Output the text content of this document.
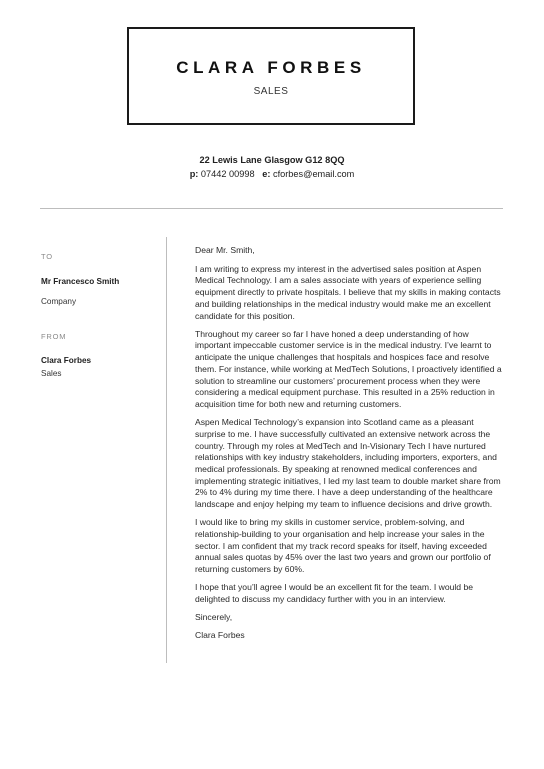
CLARA FORBES
SALES
22 Lewis Lane Glasgow G12 8QQ
p: 07442 00998 e: cforbes@email.com
TO
Mr Francesco Smith
Company
FROM
Clara Forbes
Sales

Dear Mr. Smith,

I am writing to express my interest in the advertised sales position at Aspen Medical Technology. I am a sales associate with years of experience selling equipment directly to private hospitals. I believe that my skills in making contacts and building relationships in the medical industry would make me an excellent candidate for this position.

Throughout my career so far I have honed a deep understanding of how important impeccable customer service is in the medical industry. I’ve learnt to anticipate the unique challenges that hospitals and hospices face and resolve them. For instance, while working at MedTech Solutions, I proactively identified a solution to streamline our customers’ procurement process when they were considering a medical equipment purchase. This resulted in a 25% reduction in acquisition time for both new and returning customers.

Aspen Medical Technology’s expansion into Scotland came as a pleasant surprise to me. I have successfully cultivated an extensive network across the country. Through my roles at MedTech and In-Visionary Tech I have nurtured relationships with key industry stakeholders, including importers, exporters, and medical professionals. By speaking at renowned medical conferences and implementing strategic initiatives, I led my last team to double market share from 2% to 4% during my time there. I have a deep understanding of the healthcare landscape and enjoy helping my team to influence decisions and drive growth.

I would like to bring my skills in customer service, problem-solving, and relationship-building to your organisation and help increase your sales in the sector. I am confident that my track record speaks for itself, having exceeded annual sales quotas by 45% over the last two years and grown our portfolio of returning customers by 60%.

I hope that you’ll agree I would be an excellent fit for the team. I would be delighted to discuss my candidacy further with you in an interview.

Sincerely,

Clara Forbes
